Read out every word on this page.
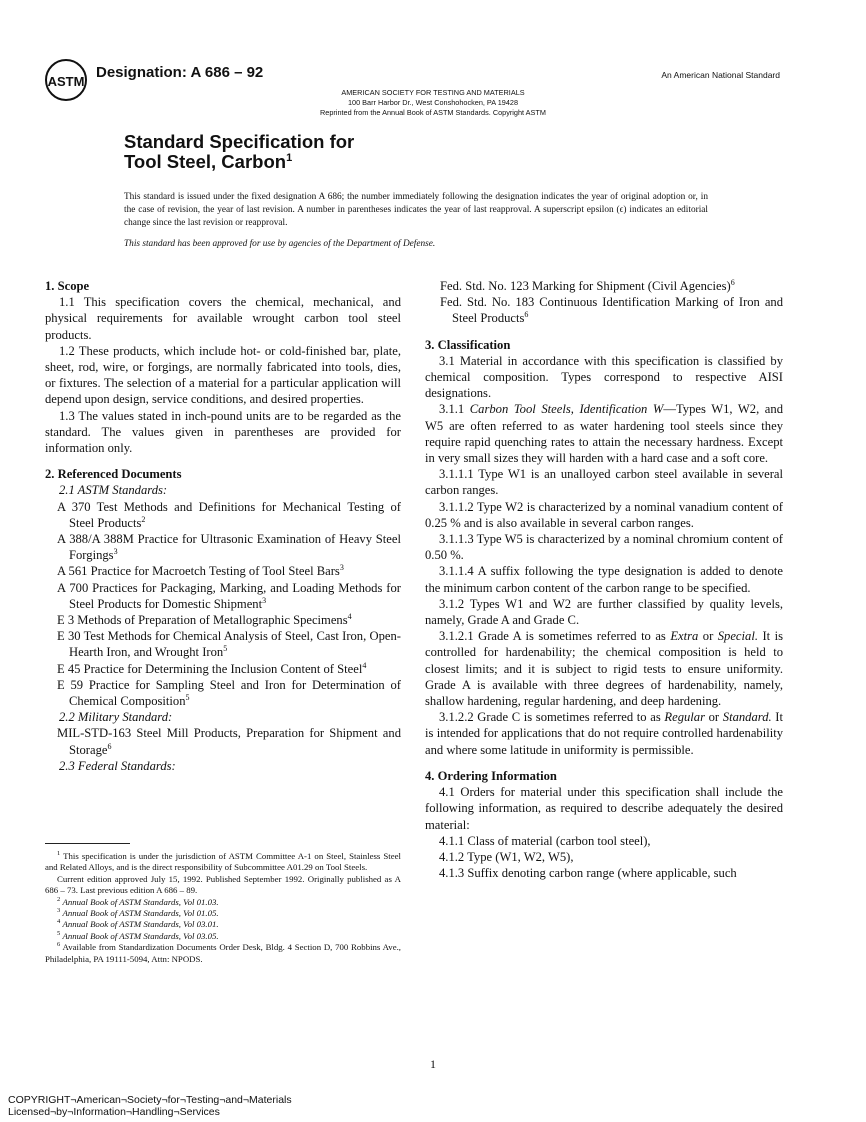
ASTM
Designation: A 686 – 92	An American National Standard
AMERICAN SOCIETY FOR TESTING AND MATERIALS
100 Barr Harbor Dr., West Conshohocken, PA 19428
Reprinted from the Annual Book of ASTM Standards. Copyright ASTM
Standard Specification for
Tool Steel, Carbon$^1$
This standard is issued under the fixed designation A 686; the number immediately following the designation indicates the year of original adoption or, in the case of revision, the year of last revision. A number in parentheses indicates the year of last reapproval. A superscript epsilon (ϵ) indicates an editorial change since the last revision or reapproval.
This standard has been approved for use by agencies of the Department of Defense.

1. Scope

1.1 This specification covers the chemical, mechanical, and physical requirements for available wrought carbon tool steel products.

1.2 These products, which include hot- or cold-finished bar, plate, sheet, rod, wire, or forgings, are normally fabricated into tools, dies, or fixtures. The selection of a material for a particular application will depend upon design, service conditions, and desired properties.

1.3 The values stated in inch-pound units are to be regarded as the standard. The values given in parentheses are provided for information only.

2. Referenced Documents

2.1 ASTM Standards:

A 370 Test Methods and Definitions for Mechanical Testing of Steel Products$^2$

A 388/A 388M Practice for Ultrasonic Examination of Heavy Steel Forgings$^3$

A 561 Practice for Macroetch Testing of Tool Steel Bars$^3$

A 700 Practices for Packaging, Marking, and Loading Methods for Steel Products for Domestic Shipment$^3$

E 3 Methods of Preparation of Metallographic Specimens$^4$

E 30 Test Methods for Chemical Analysis of Steel, Cast Iron, Open-Hearth Iron, and Wrought Iron$^5$

E 45 Practice for Determining the Inclusion Content of Steel$^4$

E 59 Practice for Sampling Steel and Iron for Determination of Chemical Composition$^5$

2.2 Military Standard:

MIL-STD-163 Steel Mill Products, Preparation for Shipment and Storage$^6$

2.3 Federal Standards:

Fed. Std. No. 123 Marking for Shipment (Civil Agencies)$^6$

Fed. Std. No. 183 Continuous Identification Marking of Iron and Steel Products$^6$

3. Classification

3.1 Material in accordance with this specification is classified by chemical composition. Types correspond to respective AISI designations.

3.1.1 Carbon Tool Steels, Identification W—Types W1, W2, and W5 are often referred to as water hardening tool steels since they require rapid quenching rates to attain the necessary hardness. Except in very small sizes they will harden with a hard case and a soft core.

3.1.1.1 Type W1 is an unalloyed carbon steel available in several carbon ranges.

3.1.1.2 Type W2 is characterized by a nominal vanadium content of 0.25 % and is also available in several carbon ranges.

3.1.1.3 Type W5 is characterized by a nominal chromium content of 0.50 %.

3.1.1.4 A suffix following the type designation is added to denote the minimum carbon content of the carbon range to be specified.

3.1.2 Types W1 and W2 are further classified by quality levels, namely, Grade A and Grade C.

3.1.2.1 Grade A is sometimes referred to as Extra or Special. It is controlled for hardenability; the chemical composition is held to closest limits; and it is subject to rigid tests to ensure uniformity. Grade A is available with three degrees of hardenability, namely, shallow hardening, regular hardening, and deep hardening.

3.1.2.2 Grade C is sometimes referred to as Regular or Standard. It is intended for applications that do not require controlled hardenability and where some latitude in uniformity is permissible.

4. Ordering Information

4.1 Orders for material under this specification shall include the following information, as required to describe adequately the desired material:

4.1.1 Class of material (carbon tool steel),

4.1.2 Type (W1, W2, W5),

4.1.3 Suffix denoting carbon range (where applicable, such

$^1$ This specification is under the jurisdiction of ASTM Committee A-1 on Steel, Stainless Steel and Related Alloys, and is the direct responsibility of Subcommittee A01.29 on Tool Steels.

Current edition approved July 15, 1992. Published September 1992. Originally published as A 686 – 73. Last previous edition A 686 – 89.

$^2$ Annual Book of ASTM Standards, Vol 01.03.

$^3$ Annual Book of ASTM Standards, Vol 01.05.

$^4$ Annual Book of ASTM Standards, Vol 03.01.

$^5$ Annual Book of ASTM Standards, Vol 03.05.

$^6$ Available from Standardization Documents Order Desk, Bldg. 4 Section D, 700 Robbins Ave., Philadelphia, PA 19111-5094, Attn: NPODS.

1
COPYRIGHT¬American¬Society¬for¬Testing¬and¬Materials
Licensed¬by¬Information¬Handling¬Services
